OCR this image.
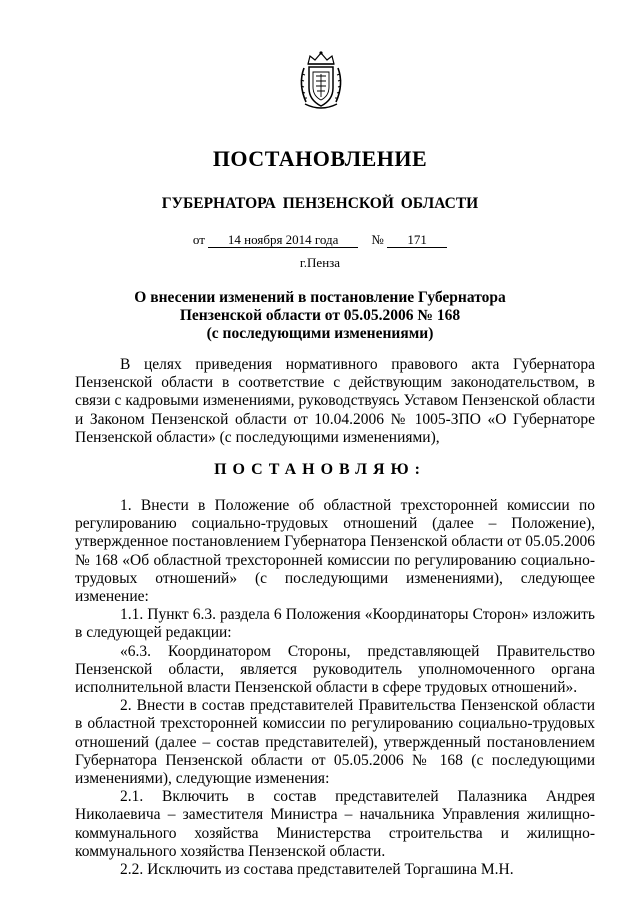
ПОСТАНОВЛЕНИЕ
ГУБЕРНАТОРА ПЕНЗЕНСКОЙ ОБЛАСТИ
от 14 ноября 2014 года	№ 171
г.Пенза
О внесении изменений в постановление Губернатора
Пензенской области от 05.05.2006 № 168
(с последующими изменениями)

В целях приведения нормативного правового акта Губернатора Пензенской области в соответствие с действующим законодательством, в связи с кадровыми изменениями, руководствуясь Уставом Пензенской области и Законом Пензенской области от 10.04.2006 № 1005-ЗПО «О Губернаторе Пензенской области» (с последующими изменениями),

ПОСТАНОВЛЯЮ:

1. Внести в Положение об областной трехсторонней комиссии по регулированию социально-трудовых отношений (далее – Положение), утвержденное постановлением Губернатора Пензенской области от 05.05.2006 № 168 «Об областной трехсторонней комиссии по регулированию социально-трудовых отношений» (с последующими изменениями), следующее изменение:

1.1. Пункт 6.3. раздела 6 Положения «Координаторы Сторон» изложить в следующей редакции:

«6.3. Координатором Стороны, представляющей Правительство Пензенской области, является руководитель уполномоченного органа исполнительной власти Пензенской области в сфере трудовых отношений».

2. Внести в состав представителей Правительства Пензенской области в областной трехсторонней комиссии по регулированию социально-трудовых отношений (далее – состав представителей), утвержденный постановлением Губернатора Пензенской области от 05.05.2006 № 168 (с последующими изменениями), следующие изменения:

2.1. Включить в состав представителей Палазника Андрея Николаевича – заместителя Министра – начальника Управления жилищно-коммунального хозяйства Министерства строительства и жилищно-коммунального хозяйства Пензенской области.

2.2. Исключить из состава представителей Торгашина М.Н.
